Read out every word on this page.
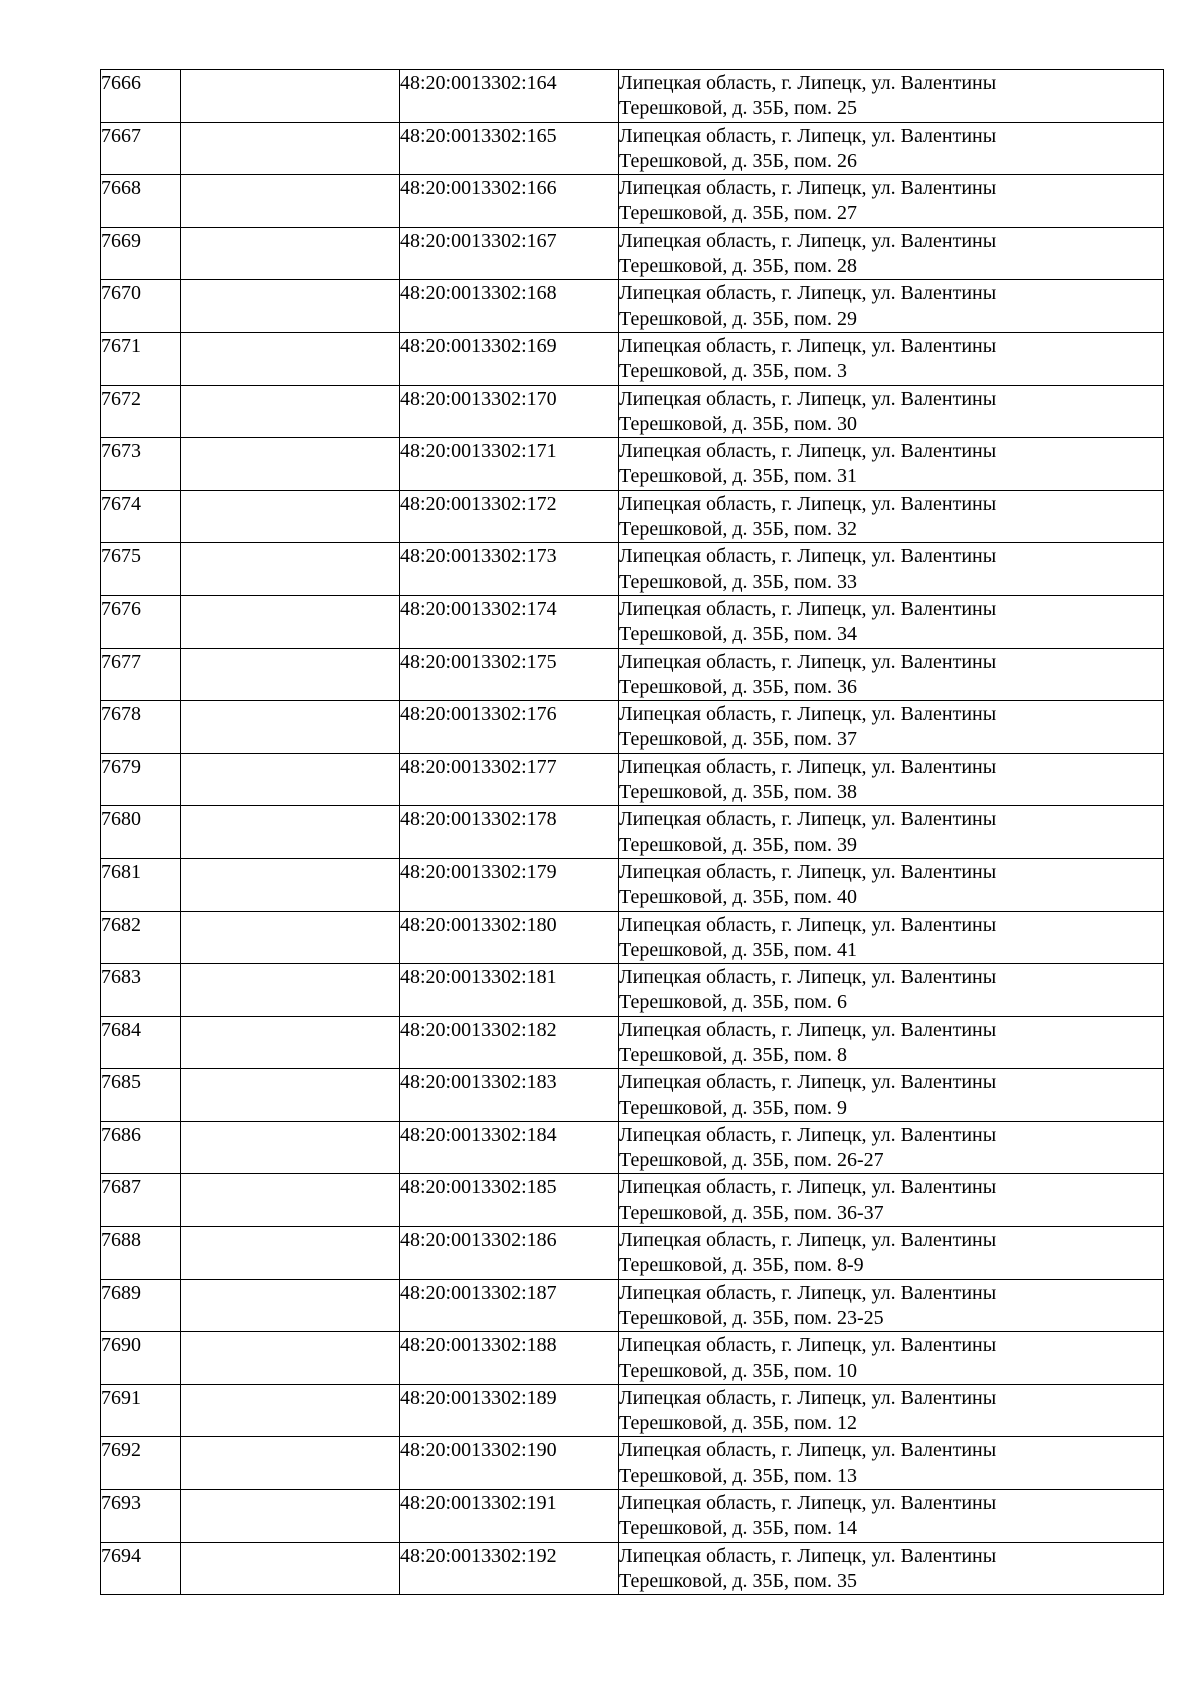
7666		48:20:0013302:164	Липецкая область, г. Липецк, ул. Валентины
Терешковой, д. 35Б, пом. 25

7667		48:20:0013302:165	Липецкая область, г. Липецк, ул. Валентины
Терешковой, д. 35Б, пом. 26

7668		48:20:0013302:166	Липецкая область, г. Липецк, ул. Валентины
Терешковой, д. 35Б, пом. 27

7669		48:20:0013302:167	Липецкая область, г. Липецк, ул. Валентины
Терешковой, д. 35Б, пом. 28

7670		48:20:0013302:168	Липецкая область, г. Липецк, ул. Валентины
Терешковой, д. 35Б, пом. 29

7671		48:20:0013302:169	Липецкая область, г. Липецк, ул. Валентины
Терешковой, д. 35Б, пом. 3

7672		48:20:0013302:170	Липецкая область, г. Липецк, ул. Валентины
Терешковой, д. 35Б, пом. 30

7673		48:20:0013302:171	Липецкая область, г. Липецк, ул. Валентины
Терешковой, д. 35Б, пом. 31

7674		48:20:0013302:172	Липецкая область, г. Липецк, ул. Валентины
Терешковой, д. 35Б, пом. 32

7675		48:20:0013302:173	Липецкая область, г. Липецк, ул. Валентины
Терешковой, д. 35Б, пом. 33

7676		48:20:0013302:174	Липецкая область, г. Липецк, ул. Валентины
Терешковой, д. 35Б, пом. 34

7677		48:20:0013302:175	Липецкая область, г. Липецк, ул. Валентины
Терешковой, д. 35Б, пом. 36

7678		48:20:0013302:176	Липецкая область, г. Липецк, ул. Валентины
Терешковой, д. 35Б, пом. 37

7679		48:20:0013302:177	Липецкая область, г. Липецк, ул. Валентины
Терешковой, д. 35Б, пом. 38

7680		48:20:0013302:178	Липецкая область, г. Липецк, ул. Валентины
Терешковой, д. 35Б, пом. 39

7681		48:20:0013302:179	Липецкая область, г. Липецк, ул. Валентины
Терешковой, д. 35Б, пом. 40

7682		48:20:0013302:180	Липецкая область, г. Липецк, ул. Валентины
Терешковой, д. 35Б, пом. 41

7683		48:20:0013302:181	Липецкая область, г. Липецк, ул. Валентины
Терешковой, д. 35Б, пом. 6

7684		48:20:0013302:182	Липецкая область, г. Липецк, ул. Валентины
Терешковой, д. 35Б, пом. 8

7685		48:20:0013302:183	Липецкая область, г. Липецк, ул. Валентины
Терешковой, д. 35Б, пом. 9

7686		48:20:0013302:184	Липецкая область, г. Липецк, ул. Валентины
Терешковой, д. 35Б, пом. 26-27

7687		48:20:0013302:185	Липецкая область, г. Липецк, ул. Валентины
Терешковой, д. 35Б, пом. 36-37

7688		48:20:0013302:186	Липецкая область, г. Липецк, ул. Валентины
Терешковой, д. 35Б, пом. 8-9

7689		48:20:0013302:187	Липецкая область, г. Липецк, ул. Валентины
Терешковой, д. 35Б, пом. 23-25

7690		48:20:0013302:188	Липецкая область, г. Липецк, ул. Валентины
Терешковой, д. 35Б, пом. 10

7691		48:20:0013302:189	Липецкая область, г. Липецк, ул. Валентины
Терешковой, д. 35Б, пом. 12

7692		48:20:0013302:190	Липецкая область, г. Липецк, ул. Валентины
Терешковой, д. 35Б, пом. 13

7693		48:20:0013302:191	Липецкая область, г. Липецк, ул. Валентины
Терешковой, д. 35Б, пом. 14

7694		48:20:0013302:192	Липецкая область, г. Липецк, ул. Валентины
Терешковой, д. 35Б, пом. 35
